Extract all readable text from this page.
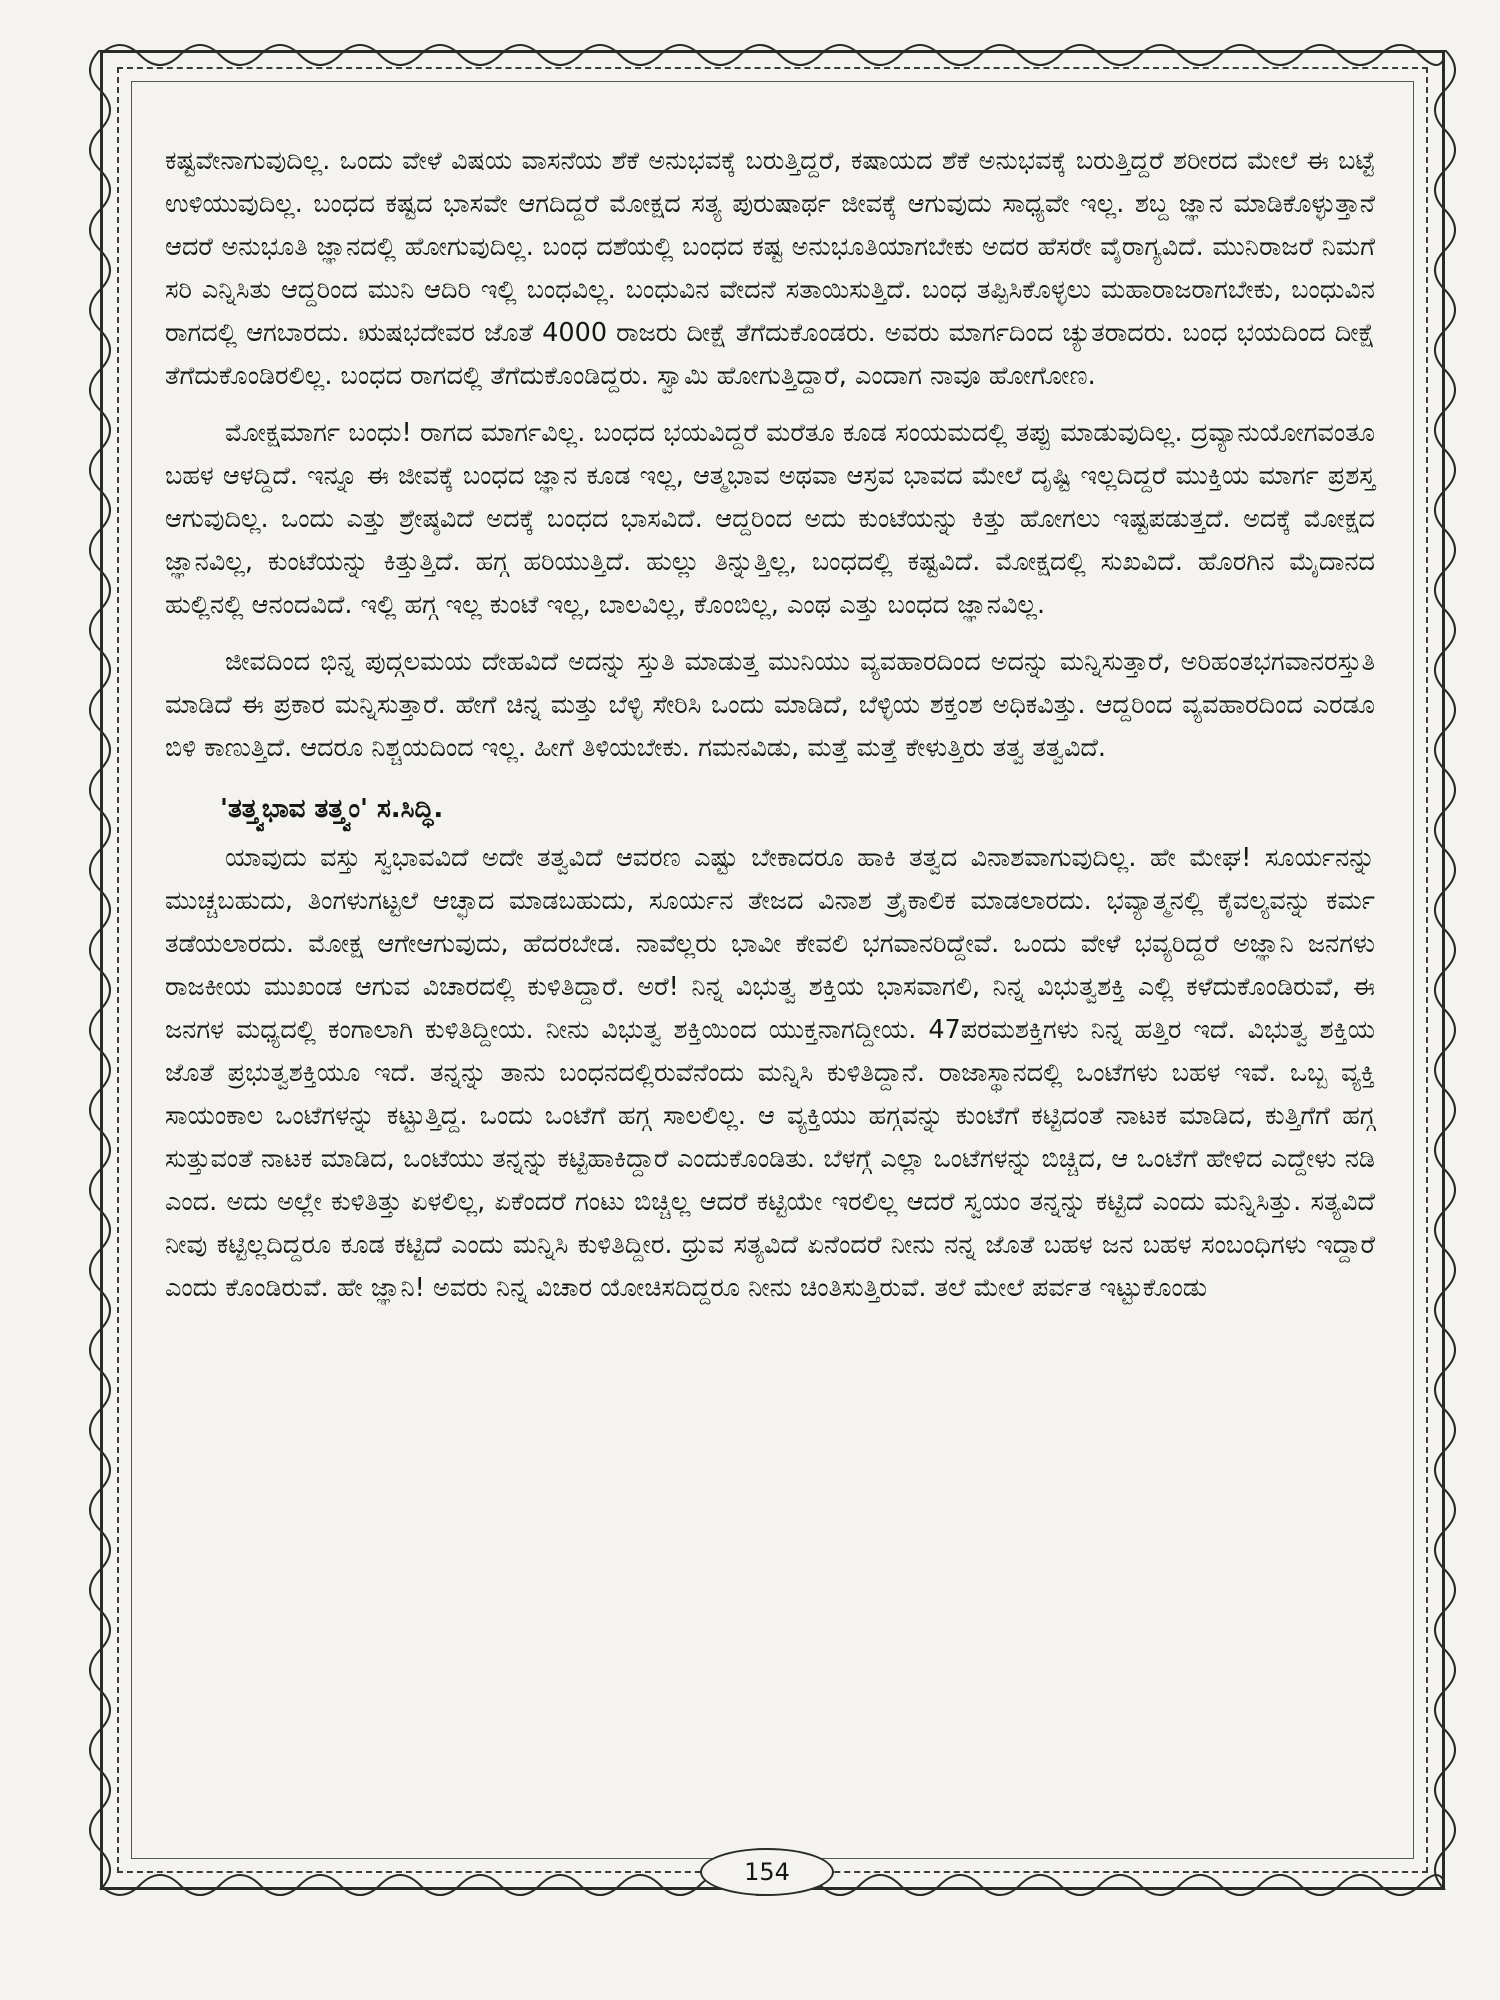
ಕಷ್ಟವೇನಾಗುವುದಿಲ್ಲ. ಒಂದು ವೇಳೆ ವಿಷಯ ವಾಸನೆಯ ಶೆಕೆ ಅನುಭವಕ್ಕೆ ಬರುತ್ತಿದ್ದರೆ, ಕಷಾಯದ ಶೆಕೆ ಅನುಭವಕ್ಕೆ ಬರುತ್ತಿದ್ದರೆ ಶರೀರದ ಮೇಲೆ ಈ ಬಟ್ಟೆ ಉಳಿಯುವುದಿಲ್ಲ. ಬಂಧದ ಕಷ್ಟದ ಭಾಸವೇ ಆಗದಿದ್ದರೆ ಮೋಕ್ಷದ ಸತ್ಯ ಪುರುಷಾರ್ಥ ಜೀವಕ್ಕೆ ಆಗುವುದು ಸಾಧ್ಯವೇ ಇಲ್ಲ. ಶಬ್ದ ಜ್ಞಾನ ಮಾಡಿಕೊಳ್ಳುತ್ತಾನೆ ಆದರೆ ಅನುಭೂತಿ ಜ್ಞಾನದಲ್ಲಿ ಹೋಗುವುದಿಲ್ಲ. ಬಂಧ ದಶೆಯಲ್ಲಿ ಬಂಧದ ಕಷ್ಟ ಅನುಭೂತಿಯಾಗಬೇಕು ಅದರ ಹೆಸರೇ ವೈರಾಗ್ಯವಿದೆ. ಮುನಿರಾಜರೆ ನಿಮಗೆ ಸರಿ ಎನ್ನಿಸಿತು ಆದ್ದರಿಂದ ಮುನಿ ಆದಿರಿ ಇಲ್ಲಿ ಬಂಧವಿಲ್ಲ. ಬಂಧುವಿನ ವೇದನೆ ಸತಾಯಿಸುತ್ತಿದೆ. ಬಂಧ ತಪ್ಪಿಸಿಕೊಳ್ಳಲು ಮಹಾರಾಜರಾಗಬೇಕು, ಬಂಧುವಿನ ರಾಗದಲ್ಲಿ ಆಗಬಾರದು. ಋಷಭದೇವರ ಜೊತೆ 4000 ರಾಜರು ದೀಕ್ಷೆ ತೆಗೆದುಕೊಂಡರು. ಅವರು ಮಾರ್ಗದಿಂದ ಚ್ಯುತರಾದರು. ಬಂಧ ಭಯದಿಂದ ದೀಕ್ಷೆ ತೆಗೆದುಕೊಂಡಿರಲಿಲ್ಲ. ಬಂಧದ ರಾಗದಲ್ಲಿ ತೆಗೆದುಕೊಂಡಿದ್ದರು. ಸ್ವಾಮಿ ಹೋಗುತ್ತಿದ್ದಾರೆ, ಎಂದಾಗ ನಾವೂ ಹೋಗೋಣ.

ಮೋಕ್ಷಮಾರ್ಗ ಬಂಧು! ರಾಗದ ಮಾರ್ಗವಿಲ್ಲ. ಬಂಧದ ಭಯವಿದ್ದರೆ ಮರೆತೂ ಕೂಡ ಸಂಯಮದಲ್ಲಿ ತಪ್ಪು ಮಾಡುವುದಿಲ್ಲ. ದ್ರವ್ಯಾನುಯೋಗವಂತೂ ಬಹಳ ಆಳದ್ದಿದೆ. ಇನ್ನೂ ಈ ಜೀವಕ್ಕೆ ಬಂಧದ ಜ್ಞಾನ ಕೂಡ ಇಲ್ಲ, ಆತ್ಮಭಾವ ಅಥವಾ ಆಸ್ರವ ಭಾವದ ಮೇಲೆ ದೃಷ್ಟಿ ಇಲ್ಲದಿದ್ದರೆ ಮುಕ್ತಿಯ ಮಾರ್ಗ ಪ್ರಶಸ್ತ ಆಗುವುದಿಲ್ಲ. ಒಂದು ಎತ್ತು ಶ್ರೇಷ್ಠವಿದೆ ಅದಕ್ಕೆ ಬಂಧದ ಭಾಸವಿದೆ. ಆದ್ದರಿಂದ ಅದು ಕುಂಟೆಯನ್ನು ಕಿತ್ತು ಹೋಗಲು ಇಷ್ಟಪಡುತ್ತದೆ. ಅದಕ್ಕೆ ಮೋಕ್ಷದ ಜ್ಞಾನವಿಲ್ಲ, ಕುಂಟೆಯನ್ನು ಕಿತ್ತುತ್ತಿದೆ. ಹಗ್ಗ ಹರಿಯುತ್ತಿದೆ. ಹುಲ್ಲು ತಿನ್ನುತ್ತಿಲ್ಲ, ಬಂಧದಲ್ಲಿ ಕಷ್ಟವಿದೆ. ಮೋಕ್ಷದಲ್ಲಿ ಸುಖವಿದೆ. ಹೊರಗಿನ ಮೈದಾನದ ಹುಲ್ಲಿನಲ್ಲಿ ಆನಂದವಿದೆ. ಇಲ್ಲಿ ಹಗ್ಗ ಇಲ್ಲ ಕುಂಟೆ ಇಲ್ಲ, ಬಾಲವಿಲ್ಲ, ಕೊಂಬಿಲ್ಲ, ಎಂಥ ಎತ್ತು ಬಂಧದ ಜ್ಞಾನವಿಲ್ಲ.

ಜೀವದಿಂದ ಭಿನ್ನ ಪುದ್ಗಲಮಯ ದೇಹವಿದೆ ಅದನ್ನು ಸ್ತುತಿ ಮಾಡುತ್ತ ಮುನಿಯು ವ್ಯವಹಾರದಿಂದ ಅದನ್ನು ಮನ್ನಿಸುತ್ತಾರೆ, ಅರಿಹಂತಭಗವಾನರಸ್ತುತಿ ಮಾಡಿದೆ ಈ ಪ್ರಕಾರ ಮನ್ನಿಸುತ್ತಾರೆ. ಹೇಗೆ ಚಿನ್ನ ಮತ್ತು ಬೆಳ್ಳಿ ಸೇರಿಸಿ ಒಂದು ಮಾಡಿದೆ, ಬೆಳ್ಳಿಯ ಶಕ್ತಂಶ ಅಧಿಕವಿತ್ತು. ಆದ್ದರಿಂದ ವ್ಯವಹಾರದಿಂದ ಎರಡೂ ಬಿಳಿ ಕಾಣುತ್ತಿದೆ. ಆದರೂ ನಿಶ್ಚಯದಿಂದ ಇಲ್ಲ. ಹೀಗೆ ತಿಳಿಯಬೇಕು. ಗಮನವಿಡು, ಮತ್ತೆ ಮತ್ತೆ ಕೇಳುತ್ತಿರು ತತ್ವ ತತ್ವವಿದೆ.

'ತತ್ತ್ವಭಾವ ತತ್ತ್ವಂ' ಸ.ಸಿದ್ಧಿ.

ಯಾವುದು ವಸ್ತು ಸ್ವಭಾವವಿದೆ ಅದೇ ತತ್ವವಿದೆ ಆವರಣ ಎಷ್ಟು ಬೇಕಾದರೂ ಹಾಕಿ ತತ್ವದ ವಿನಾಶವಾಗುವುದಿಲ್ಲ. ಹೇ ಮೇಘ! ಸೂರ್ಯನನ್ನು ಮುಚ್ಚಬಹುದು, ತಿಂಗಳುಗಟ್ಟಲೆ ಆಚ್ಛಾದ ಮಾಡಬಹುದು, ಸೂರ್ಯನ ತೇಜದ ವಿನಾಶ ತ್ರೈಕಾಲಿಕ ಮಾಡಲಾರದು. ಭವ್ಯಾತ್ಮನಲ್ಲಿ ಕೈವಲ್ಯವನ್ನು ಕರ್ಮ ತಡೆಯಲಾರದು. ಮೋಕ್ಷ ಆಗೇಆಗುವುದು, ಹೆದರಬೇಡ. ನಾವೆಲ್ಲರು ಭಾವೀ ಕೇವಲಿ ಭಗವಾನರಿದ್ದೇವೆ. ಒಂದು ವೇಳೆ ಭವ್ಯರಿದ್ದರೆ ಅಜ್ಞಾನಿ ಜನಗಳು ರಾಜಕೀಯ ಮುಖಂಡ ಆಗುವ ವಿಚಾರದಲ್ಲಿ ಕುಳಿತಿದ್ದಾರೆ. ಅರೆ! ನಿನ್ನ ವಿಭುತ್ವ ಶಕ್ತಿಯ ಭಾಸವಾಗಲಿ, ನಿನ್ನ ವಿಭುತ್ವಶಕ್ತಿ ಎಲ್ಲಿ ಕಳೆದುಕೊಂಡಿರುವೆ, ಈ ಜನಗಳ ಮಧ್ಯದಲ್ಲಿ ಕಂಗಾಲಾಗಿ ಕುಳಿತಿದ್ದೀಯ. ನೀನು ವಿಭುತ್ವ ಶಕ್ತಿಯಿಂದ ಯುಕ್ತನಾಗದ್ದೀಯ. 47ಪರಮಶಕ್ತಿಗಳು ನಿನ್ನ ಹತ್ತಿರ ಇದೆ. ವಿಭುತ್ವ ಶಕ್ತಿಯ ಜೊತೆ ಪ್ರಭುತ್ವಶಕ್ತಿಯೂ ಇದೆ. ತನ್ನನ್ನು ತಾನು ಬಂಧನದಲ್ಲಿರುವೆನೆಂದು ಮನ್ನಿಸಿ ಕುಳಿತಿದ್ದಾನೆ. ರಾಜಾಸ್ಥಾನದಲ್ಲಿ ಒಂಟೆಗಳು ಬಹಳ ಇವೆ. ಒಬ್ಬ ವ್ಯಕ್ತಿ ಸಾಯಂಕಾಲ ಒಂಟೆಗಳನ್ನು ಕಟ್ಟುತ್ತಿದ್ದ. ಒಂದು ಒಂಟೆಗೆ ಹಗ್ಗ ಸಾಲಲಿಲ್ಲ. ಆ ವ್ಯಕ್ತಿಯು ಹಗ್ಗವನ್ನು ಕುಂಟೆಗೆ ಕಟ್ಟಿದಂತೆ ನಾಟಕ ಮಾಡಿದ, ಕುತ್ತಿಗೆಗೆ ಹಗ್ಗ ಸುತ್ತುವಂತೆ ನಾಟಕ ಮಾಡಿದ, ಒಂಟೆಯು ತನ್ನನ್ನು ಕಟ್ಟಿಹಾಕಿದ್ದಾರೆ ಎಂದುಕೊಂಡಿತು. ಬೆಳಗ್ಗೆ ಎಲ್ಲಾ ಒಂಟೆಗಳನ್ನು ಬಿಚ್ಚಿದ, ಆ ಒಂಟೆಗೆ ಹೇಳಿದ ಎದ್ದೇಳು ನಡಿ ಎಂದ. ಅದು ಅಲ್ಲೇ ಕುಳಿತಿತ್ತು ಏಳಲಿಲ್ಲ, ಏಕೆಂದರೆ ಗಂಟು ಬಿಚ್ಚಿಲ್ಲ ಆದರೆ ಕಟ್ಟಿಯೇ ಇರಲಿಲ್ಲ ಆದರೆ ಸ್ವಯಂ ತನ್ನನ್ನು ಕಟ್ಟಿದೆ ಎಂದು ಮನ್ನಿಸಿತ್ತು. ಸತ್ಯವಿದೆ ನೀವು ಕಟ್ಟಿಲ್ಲದಿದ್ದರೂ ಕೂಡ ಕಟ್ಟಿದೆ ಎಂದು ಮನ್ನಿಸಿ ಕುಳಿತಿದ್ದೀರ. ಧ್ರುವ ಸತ್ಯವಿದೆ ಏನೆಂದರೆ ನೀನು ನನ್ನ ಜೊತೆ ಬಹಳ ಜನ ಬಹಳ ಸಂಬಂಧಿಗಳು ಇದ್ದಾರೆ ಎಂದು ಕೊಂಡಿರುವೆ. ಹೇ ಜ್ಞಾನಿ! ಅವರು ನಿನ್ನ ವಿಚಾರ ಯೋಚಿಸದಿದ್ದರೂ ನೀನು ಚಿಂತಿಸುತ್ತಿರುವೆ. ತಲೆ ಮೇಲೆ ಪರ್ವತ ಇಟ್ಟುಕೊಂಡು

154
